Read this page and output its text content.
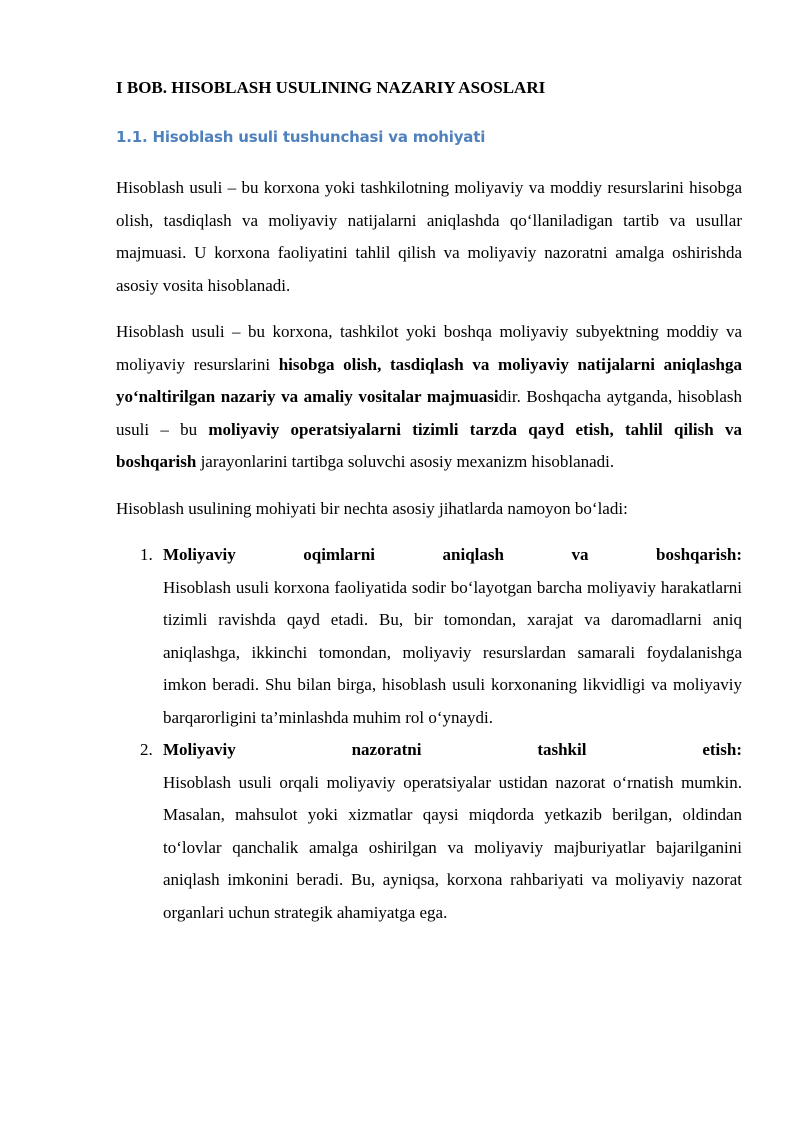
I BOB. HISOBLASH USULINING NAZARIY ASOSLARI
1.1. Hisoblash usuli tushunchasi va mohiyati

Hisoblash usuli – bu korxona yoki tashkilotning moliyaviy va moddiy resurslarini hisobga olish, tasdiqlash va moliyaviy natijalarni aniqlashda qo‘llaniladigan tartib va usullar majmuasi. U korxona faoliyatini tahlil qilish va moliyaviy nazoratni amalga oshirishda asosiy vosita hisoblanadi.

Hisoblash usuli – bu korxona, tashkilot yoki boshqa moliyaviy subyektning moddiy va moliyaviy resurslarini hisobga olish, tasdiqlash va moliyaviy natijalarni aniqlashga yo‘naltirilgan nazariy va amaliy vositalar majmuasidir. Boshqacha aytganda, hisoblash usuli – bu moliyaviy operatsiyalarni tizimli tarzda qayd etish, tahlil qilish va boshqarish jarayonlarini tartibga soluvchi asosiy mexanizm hisoblanadi.

Hisoblash usulining mohiyati bir nechta asosiy jihatlarda namoyon bo‘ladi:

1. Moliyaviy	oqimlarni	aniqlash	va	boshqarish:
Hisoblash usuli korxona faoliyatida sodir bo‘layotgan barcha moliyaviy harakatlarni tizimli ravishda qayd etadi. Bu, bir tomondan, xarajat va daromadlarni aniq aniqlashga, ikkinchi tomondan, moliyaviy resurslardan samarali foydalanishga imkon beradi. Shu bilan birga, hisoblash usuli korxonaning likvidligi va moliyaviy barqarorligini ta’minlashda muhim rol o‘ynaydi.
2. Moliyaviy	nazoratni	tashkil	etish:
Hisoblash usuli orqali moliyaviy operatsiyalar ustidan nazorat o‘rnatish mumkin. Masalan, mahsulot yoki xizmatlar qaysi miqdorda yetkazib berilgan, oldindan to‘lovlar qanchalik amalga oshirilgan va moliyaviy majburiyatlar bajarilganini aniqlash imkonini beradi. Bu, ayniqsa, korxona rahbariyati va moliyaviy nazorat organlari uchun strategik ahamiyatga ega.
